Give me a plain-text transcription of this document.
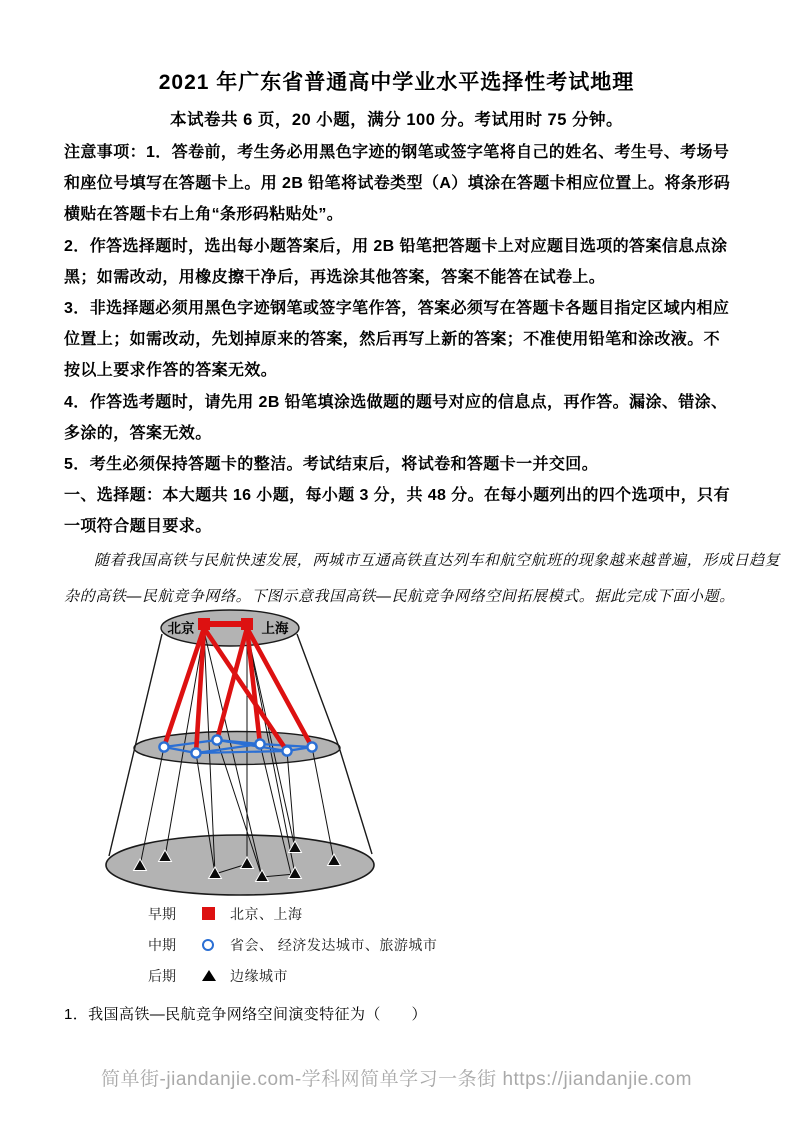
2021 年广东省普通高中学业水平选择性考试地理
本试卷共 6 页，20 小题，满分 100 分。考试用时 75 分钟。
注意事项：1．答卷前，考生务必用黑色字迹的钢笔或签字笔将自己的姓名、考生号、考场号
和座位号填写在答题卡上。用 2B 铅笔将试卷类型（A）填涂在答题卡相应位置上。将条形码
横贴在答题卡右上角“条形码粘贴处”。
2．作答选择题时，选出每小题答案后，用 2B 铅笔把答题卡上对应题目选项的答案信息点涂
黑；如需改动，用橡皮擦干净后，再选涂其他答案，答案不能答在试卷上。
3．非选择题必须用黑色字迹钢笔或签字笔作答，答案必须写在答题卡各题目指定区域内相应
位置上；如需改动，先划掉原来的答案，然后再写上新的答案；不准使用铅笔和涂改液。不
按以上要求作答的答案无效。
4．作答选考题时，请先用 2B 铅笔填涂选做题的题号对应的信息点，再作答。漏涂、错涂、
多涂的，答案无效。
5．考生必须保持答题卡的整洁。考试结束后，将试卷和答题卡一并交回。
一、选择题：本大题共 16 小题，每小题 3 分，共 48 分。在每小题列出的四个选项中，只有
一项符合题目要求。
随着我国高铁与民航快速发展，两城市互通高铁直达列车和航空航班的现象越来越普遍，形成日趋复
杂的高铁—民航竞争网络。下图示意我国高铁—民航竞争网络空间拓展模式。据此完成下面小题。
北京	上海
早期	北京、上海
中期	省会、 经济发达城市、旅游城市
后期	边缘城市
1．我国高铁—民航竞争网络空间演变特征为（　　）
简单街-jiandanjie.com-学科网简单学习一条街 https://jiandanjie.com
